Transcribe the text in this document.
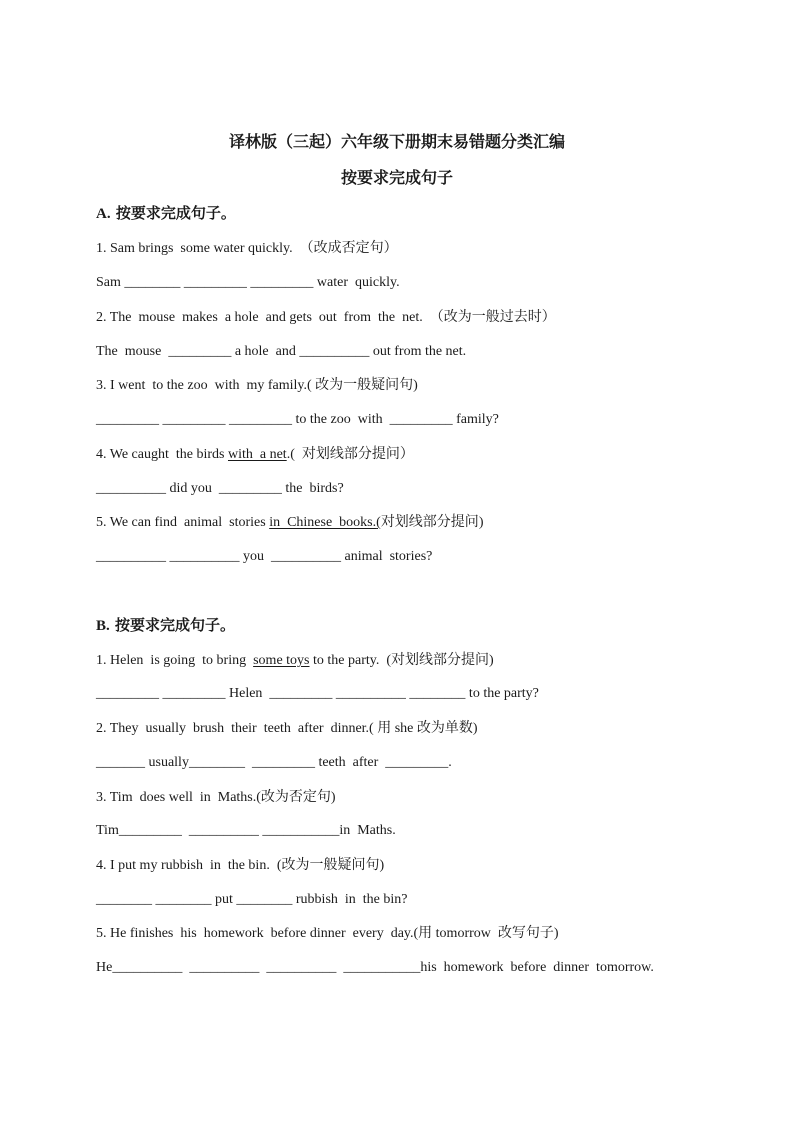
译林版（三起）六年级下册期末易错题分类汇编
按要求完成句子
A. 按要求完成句子。
1. Sam brings  some water quickly.  （改成否定句）
Sam ________ _________ _________ water  quickly.
2. The  mouse  makes  a hole  and gets  out  from  the  net.  （改为一般过去时）
The  mouse  _________ a hole  and __________ out from the net.
3. I went  to the zoo  with  my family.( 改为一般疑问句)
_________ _________ _________ to the zoo  with  _________ family?
4. We caught  the birds with  a net.(  对划线部分提问）
__________ did you  _________ the  birds?
5. We can find  animal  stories in  Chinese  books.(对划线部分提问)
__________ __________ you  __________ animal  stories?
B. 按要求完成句子。
1. Helen  is going  to bring  some toys to the party.  (对划线部分提问)
_________ _________ Helen  _________ __________ ________ to the party?
2. They  usually  brush  their  teeth  after  dinner.( 用 she 改为单数)
_______ usually________  _________ teeth  after  _________.
3. Tim  does well  in  Maths.(改为否定句)
Tim_________  __________ ___________in  Maths.
4. I put my rubbish  in  the bin.  (改为一般疑问句)
________ ________ put ________ rubbish  in  the bin?
5. He finishes  his  homework  before dinner  every  day.(用 tomorrow  改写句子)
He__________  __________  __________  ___________his  homework  before  dinner  tomorrow.
